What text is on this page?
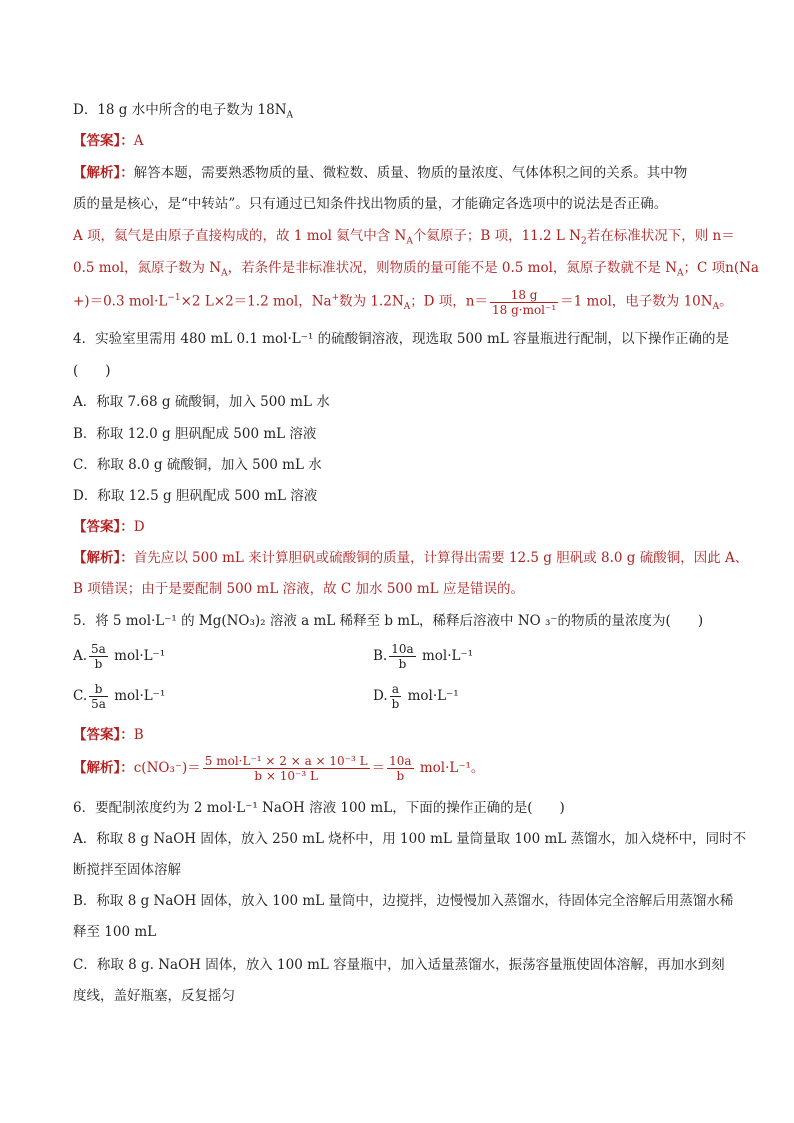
D．18 g 水中所含的电子数为 $18N_A$
【答案】：A
【解析】：解答本题，需要熟悉物质的量、微粒数、质量、物质的量浓度、气体体积之间的关系。其中物
质的量是核心，是“中转站”。只有通过已知条件找出物质的量，才能确定各选项中的说法是否正确。
A 项，氦气是由原子直接构成的，故 1 mol 氦气中含 $N_A$个氦原子；B 项，11.2 L $N_2$若在标准状况下，则 n＝
0.5 mol，氮原子数为 $N_A$，若条件是非标准状况，则物质的量可能不是 0.5 mol，氮原子数就不是 $N_A$；C 项n(Na
+)＝0.3 $mol\cdot L^{-1}\times 2$ L×2＝1.2 mol，Na+数为 $1.2N_A$；D 项，$n= \frac{18 g}{\text{18 g·mol⁻¹}} =1$ mol，电子数为 $10N_A$。
4．实验室里需用 480 mL 0.1 mol·L⁻¹ 的硫酸铜溶液，现选取 500 mL 容量瓶进行配制，以下操作正确的是
(　　)
A．称取 7.68 g 硫酸铜，加入 500 mL 水
B．称取 12.0 g 胆矾配成 500 mL 溶液
C．称取 8.0 g 硫酸铜，加入 500 mL 水
D．称取 12.5 g 胆矾配成 500 mL 溶液
【答案】：D
【解析】：首先应以 500 mL 来计算胆矾或硫酸铜的质量，计算得出需要 12.5 g 胆矾或 8.0 g 硫酸铜，因此 A、
B 项错误；由于是要配制 500 mL 溶液，故 C 加水 500 mL 应是错误的。
5．将 5 mol·L⁻¹ 的 Mg(NO₃)₂ 溶液 a mL 稀释至 b mL，稀释后溶液中 NO ₃⁻的物质的量浓度为(　　)
A. $\frac{5a}{b} mol\cdot L^{-1}$	B. $\frac{10a}{b} mol\cdot L^{-1}$
C. $\frac{b}{5a} mol\cdot L^{-1}$	D. $\frac{a}{b} mol\cdot L^{-1}$
【答案】：B
【解析】：$c(NO_3^-)= \frac{\text{5 mol·L⁻¹ × 2 × a × 10⁻³ L}}{\text{b × 10⁻³ L}} = \frac{10a}{b} mol\cdot L^{-1}$。
6．要配制浓度约为 2 mol·L⁻¹ NaOH 溶液 100 mL，下面的操作正确的是(　　)
A．称取 8 g NaOH 固体，放入 250 mL 烧杯中，用 100 mL 量筒量取 100 mL 蒸馏水，加入烧杯中，同时不
断搅拌至固体溶解
B．称取 8 g NaOH 固体，放入 100 mL 量筒中，边搅拌，边慢慢加入蒸馏水，待固体完全溶解后用蒸馏水稀
释至 100 mL
C．称取 8 g. NaOH 固体，放入 100 mL 容量瓶中，加入适量蒸馏水，振荡容量瓶使固体溶解，再加水到刻
度线，盖好瓶塞，反复摇匀
